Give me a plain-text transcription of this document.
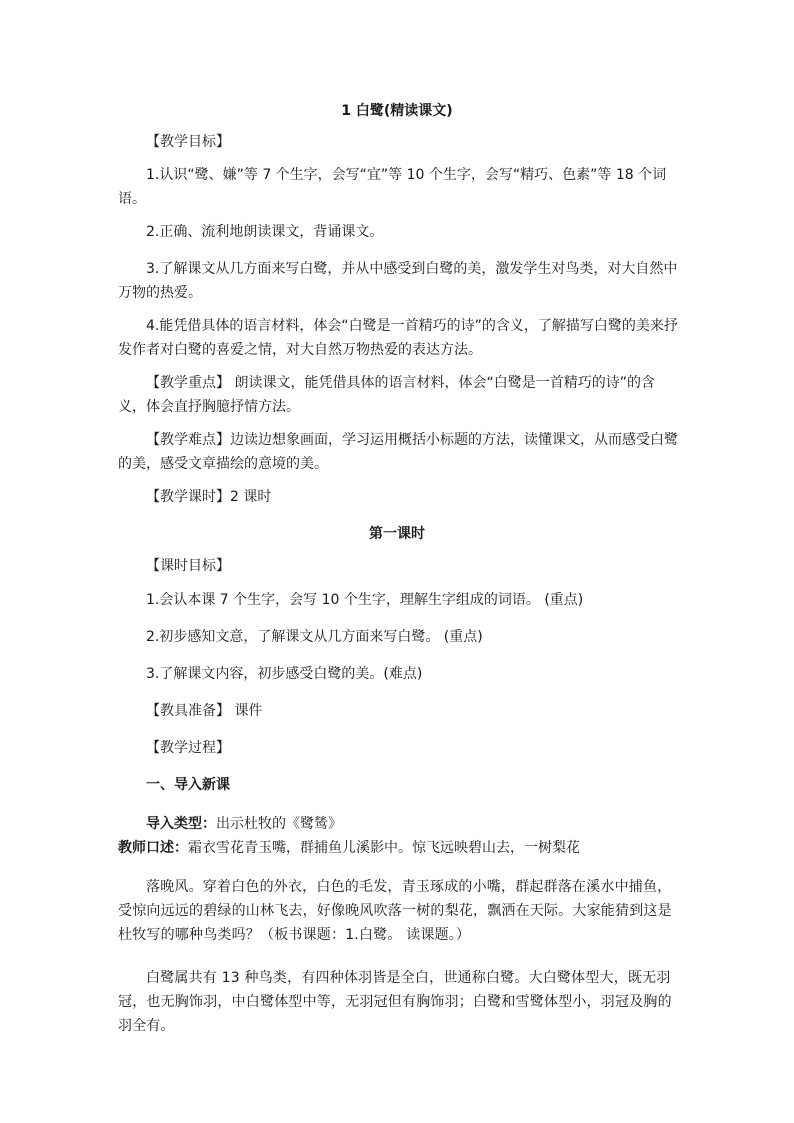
1 白鹭(精读课文)
【教学目标】
1.认识“鹭、嫌”等 7 个生字，会写“宜”等 10 个生字，会写“精巧、色素”等 18 个词语。
2.正确、流利地朗读课文，背诵课文。
3.了解课文从几方面来写白鹭，并从中感受到白鹭的美，激发学生对鸟类，对大自然中万物的热爱。
4.能凭借具体的语言材料，体会“白鹭是一首精巧的诗”的含义，了解描写白鹭的美来抒发作者对白鹭的喜爱之情，对大自然万物热爱的表达方法。
【教学重点】 朗读课文，能凭借具体的语言材料，体会“白鹭是一首精巧的诗”的含义，体会直抒胸臆抒情方法。
【教学难点】边读边想象画面，学习运用概括小标题的方法，读懂课文，从而感受白鹭的美，感受文章描绘的意境的美。
【教学课时】2 课时
第一课时
【课时目标】
1.会认本课 7 个生字，会写 10 个生字，理解生字组成的词语。 (重点)
2.初步感知文意，了解课文从几方面来写白鹭。 (重点)
3.了解课文内容，初步感受白鹭的美。(难点)
【教具准备】 课件
【教学过程】
一、导入新课
导入类型：出示杜牧的《鹭鸶》
教师口述：霜衣雪花青玉嘴，群捕鱼儿溪影中。惊飞远映碧山去，一树梨花
落晚风。穿着白色的外衣，白色的毛发，青玉琢成的小嘴，群起群落在溪水中捕鱼，受惊向远远的碧绿的山林飞去，好像晚风吹落一树的梨花，飘洒在天际。大家能猜到这是杜牧写的哪种鸟类吗？（板书课题：1.白鹭。 读课题。）
白鹭属共有 13 种鸟类，有四种体羽皆是全白，世通称白鹭。大白鹭体型大，既无羽冠，也无胸饰羽，中白鹭体型中等，无羽冠但有胸饰羽；白鹭和雪鹭体型小，羽冠及胸的羽全有。
